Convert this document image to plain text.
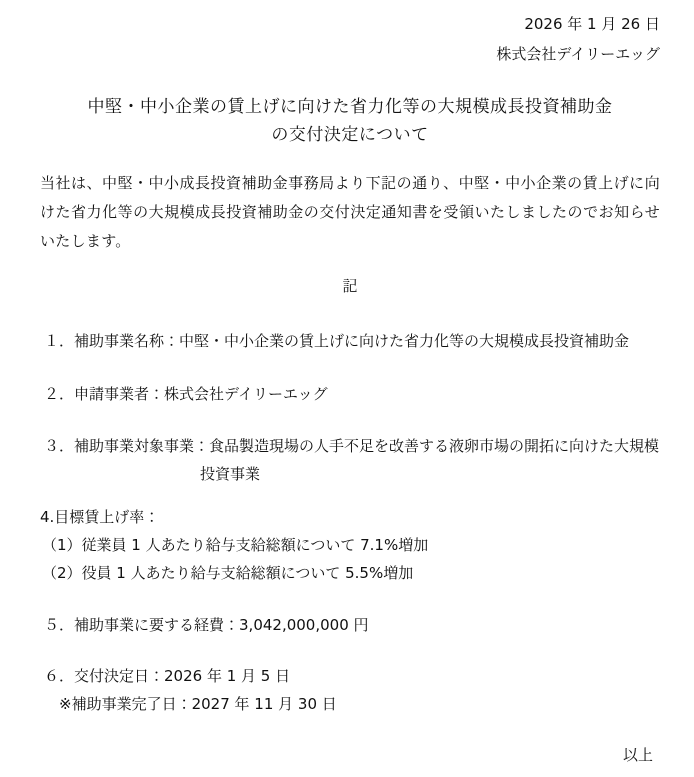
2026 年 1 月 26 日
株式会社デイリーエッグ
中堅・中小企業の賃上げに向けた省力化等の大規模成長投資補助金
の交付決定について

当社は、中堅・中小成長投資補助金事務局より下記の通り、中堅・中小企業の賃上げに向けた省力化等の大規模成長投資補助金の交付決定通知書を受領いたしましたのでお知らせいたします。

記
１．補助事業名称：中堅・中小企業の賃上げに向けた省力化等の大規模成長投資補助金
２．申請事業者：株式会社デイリーエッグ
３．補助事業対象事業：食品製造現場の人手不足を改善する液卵市場の開拓に向けた大規模
投資事業
4.目標賃上げ率：
（1）従業員 1 人あたり給与支給総額について 7.1%増加
（2）役員 1 人あたり給与支給総額について 5.5%増加
５．補助事業に要する経費：3,042,000,000 円
６．交付決定日：2026 年 1 月 5 日
※補助事業完了日：2027 年 11 月 30 日
以上
